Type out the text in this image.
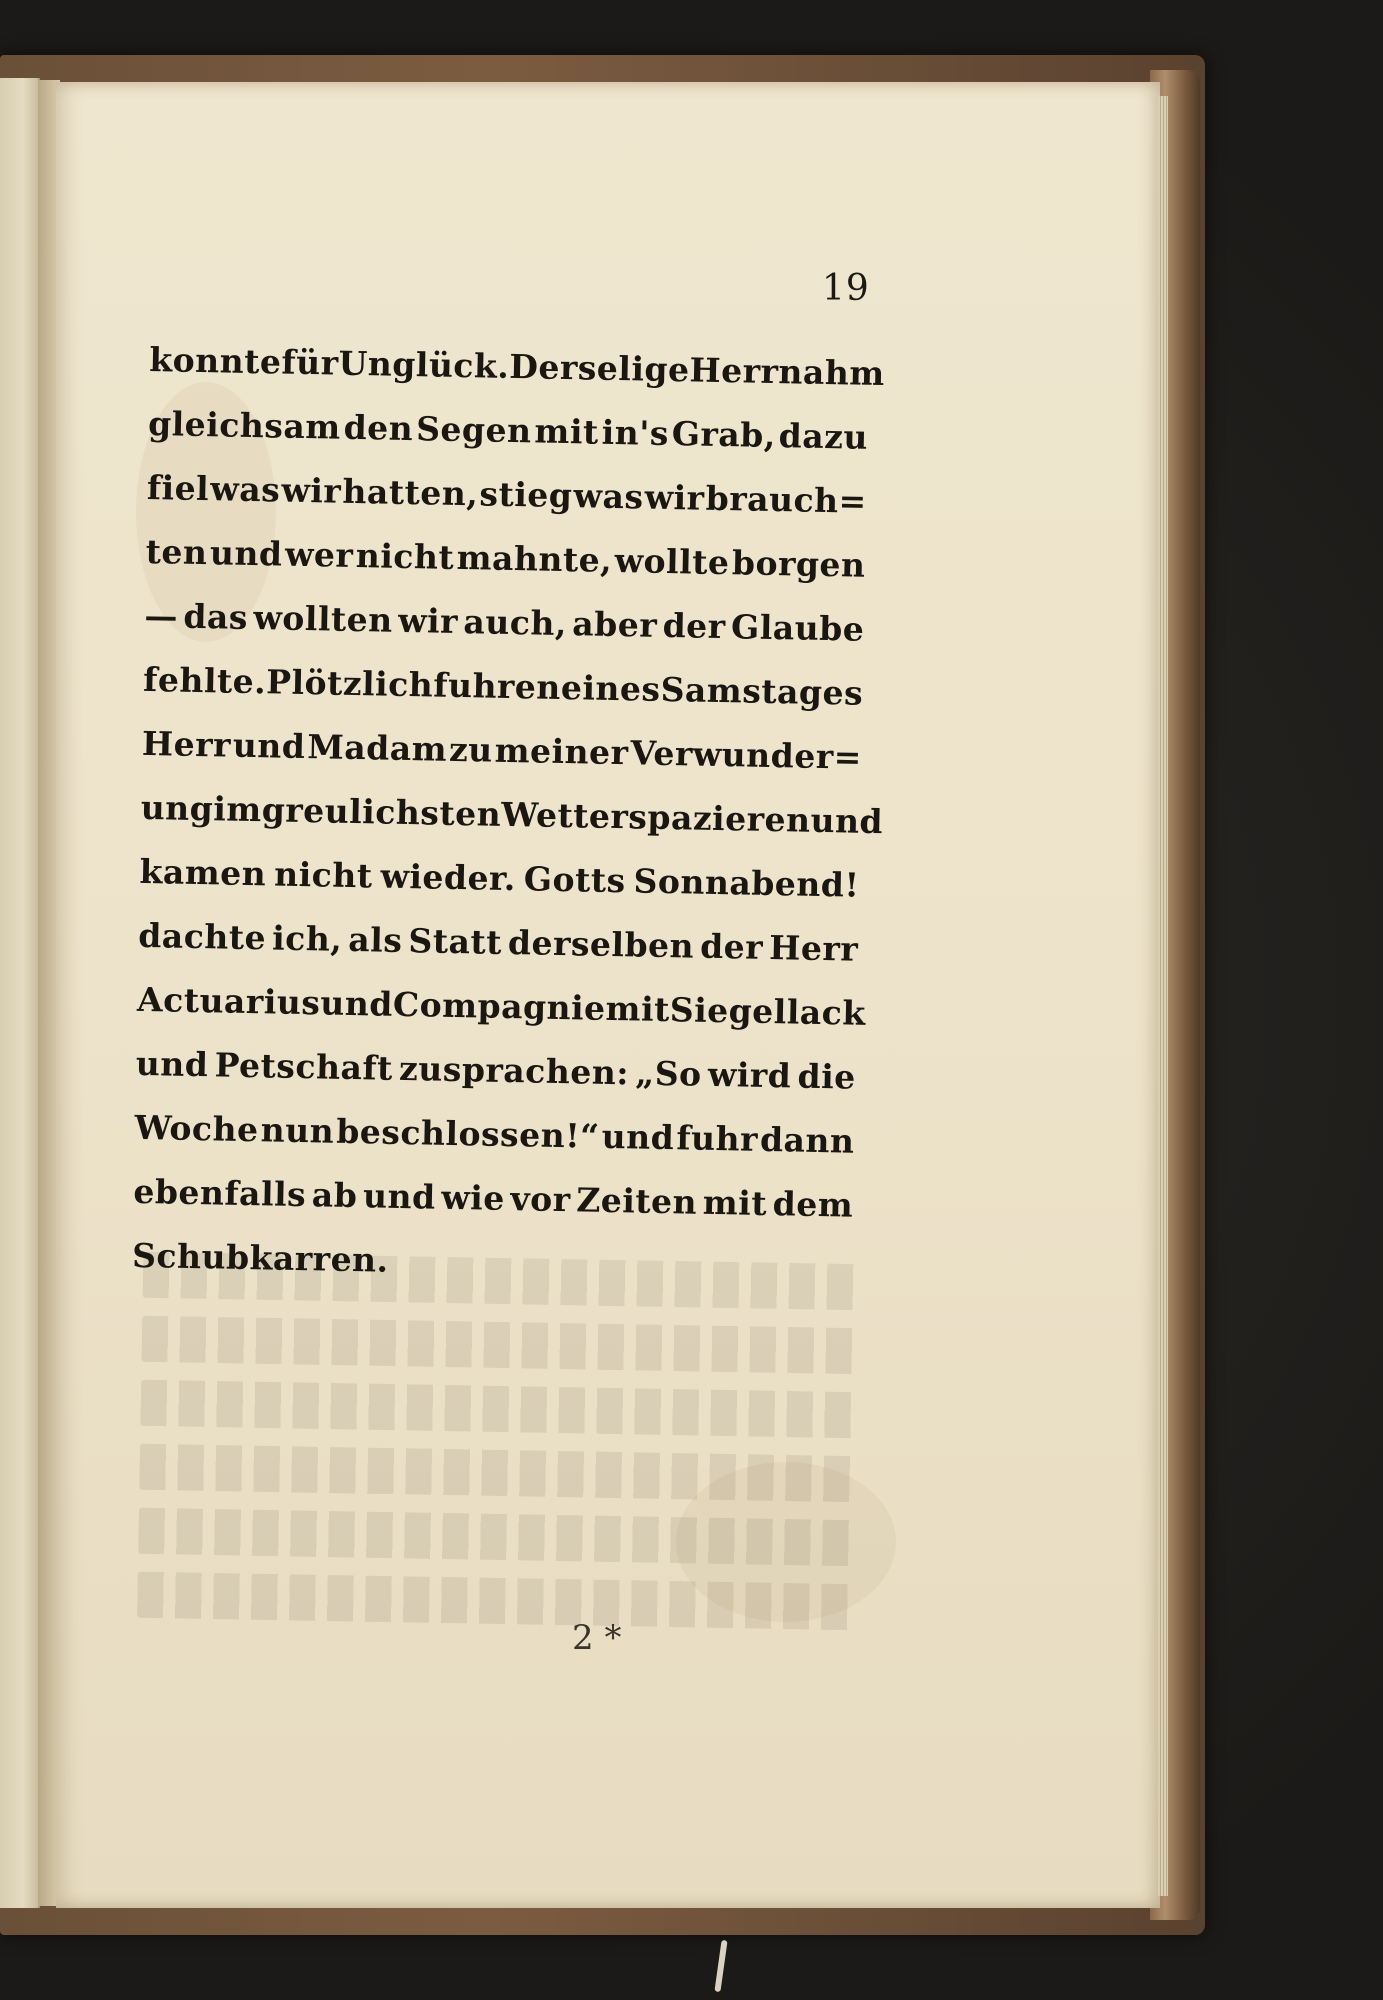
19
konnte für Unglück. Der selige Herr nahm
gleichsam den Segen mit in's Grab, dazu
fiel was wir hatten, stieg was wir brauch=
ten und wer nicht mahnte, wollte borgen
— das wollten wir auch, aber der Glaube
fehlte. Plötzlich fuhren eines Samstages
Herr und Madam zu meiner Verwunder=
ung im greulichsten Wetter spazieren und
kamen nicht wieder. Gotts Sonnabend!
dachte ich, als Statt derselben der Herr
Actuarius und Compagnie mit Siegellack
und Petschaft zusprachen: „So wird die
Woche nun beschlossen!“ und fuhr dann
ebenfalls ab und wie vor Zeiten mit dem
Schubkarren.
2 *
